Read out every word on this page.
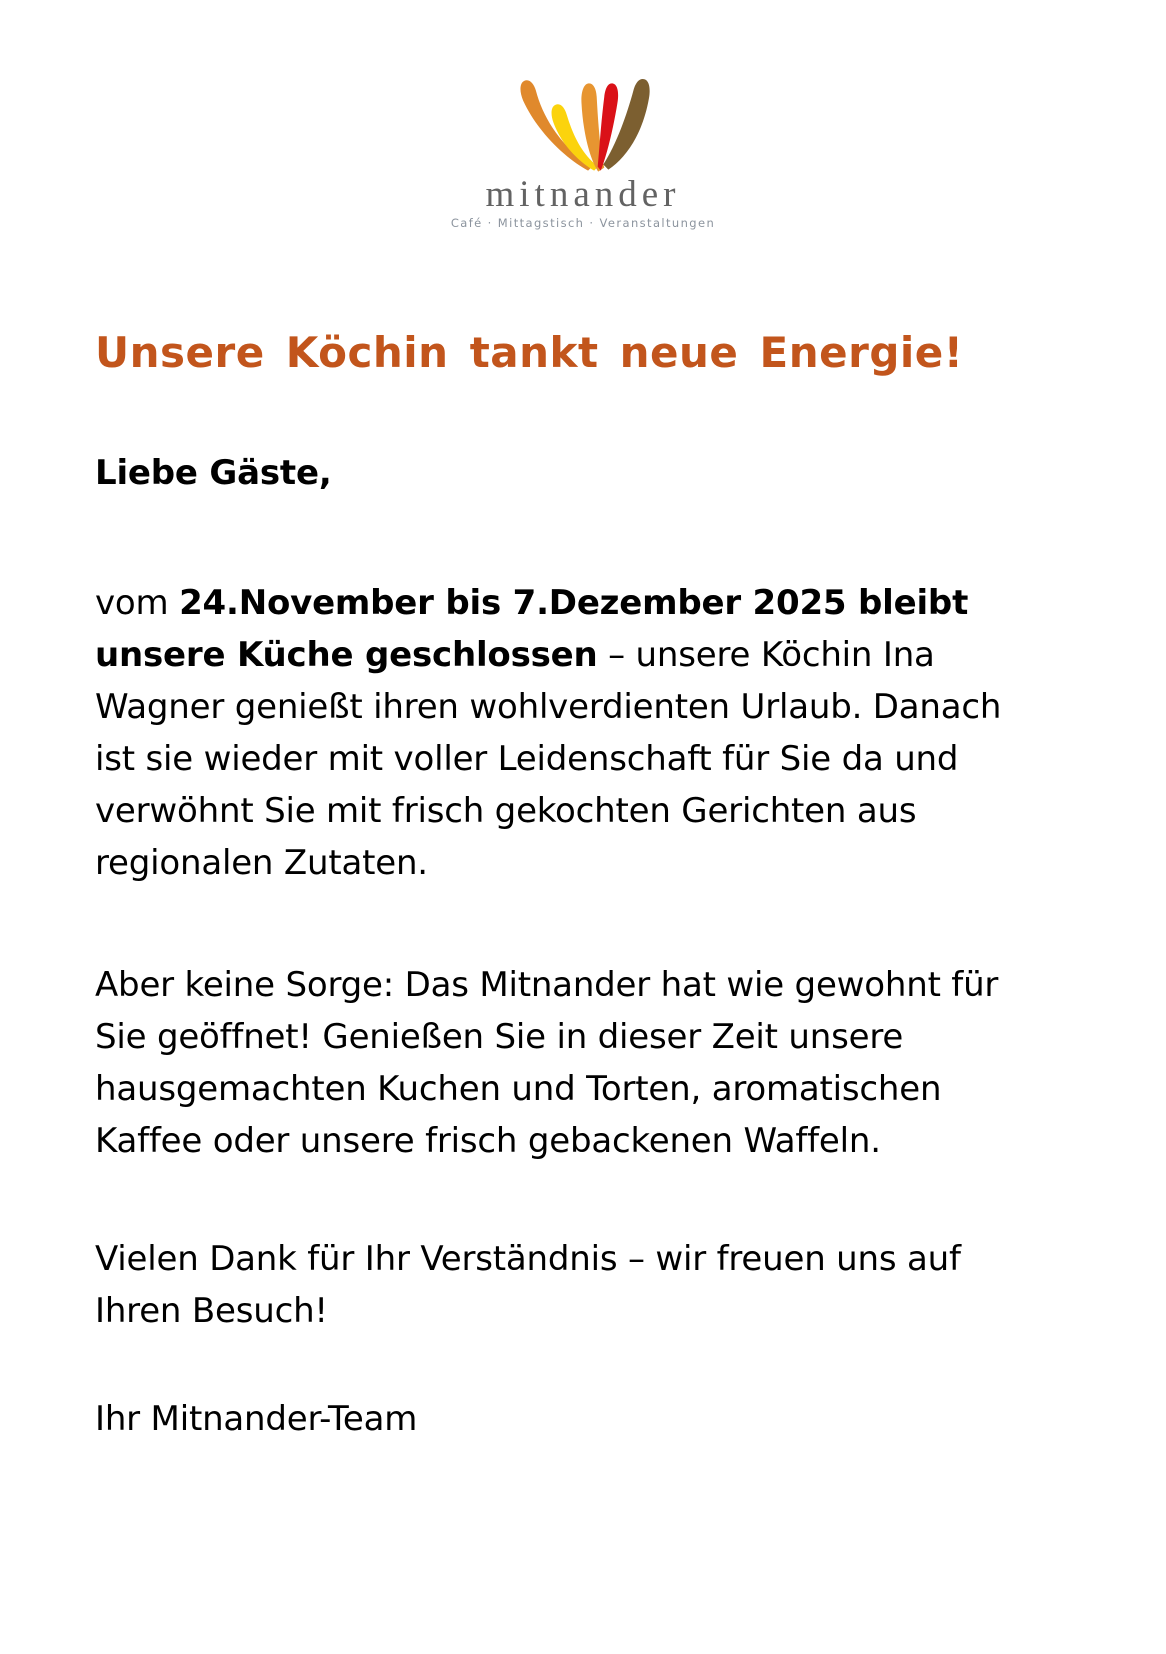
mitnander
Café · Mittagstisch · Veranstaltungen
Unsere Köchin tankt neue Energie!

Liebe Gäste,

vom 24.November bis 7.Dezember 2025 bleibt unsere Küche geschlossen – unsere Köchin Ina Wagner genießt ihren wohlverdienten Urlaub. Danach ist sie wieder mit voller Leidenschaft für Sie da und verwöhnt Sie mit frisch gekochten Gerichten aus regionalen Zutaten.

Aber keine Sorge: Das Mitnander hat wie gewohnt für Sie geöffnet! Genießen Sie in dieser Zeit unsere hausgemachten Kuchen und Torten, aromatischen Kaffee oder unsere frisch gebackenen Waffeln.

Vielen Dank für Ihr Verständnis – wir freuen uns auf Ihren Besuch!

Ihr Mitnander-Team
